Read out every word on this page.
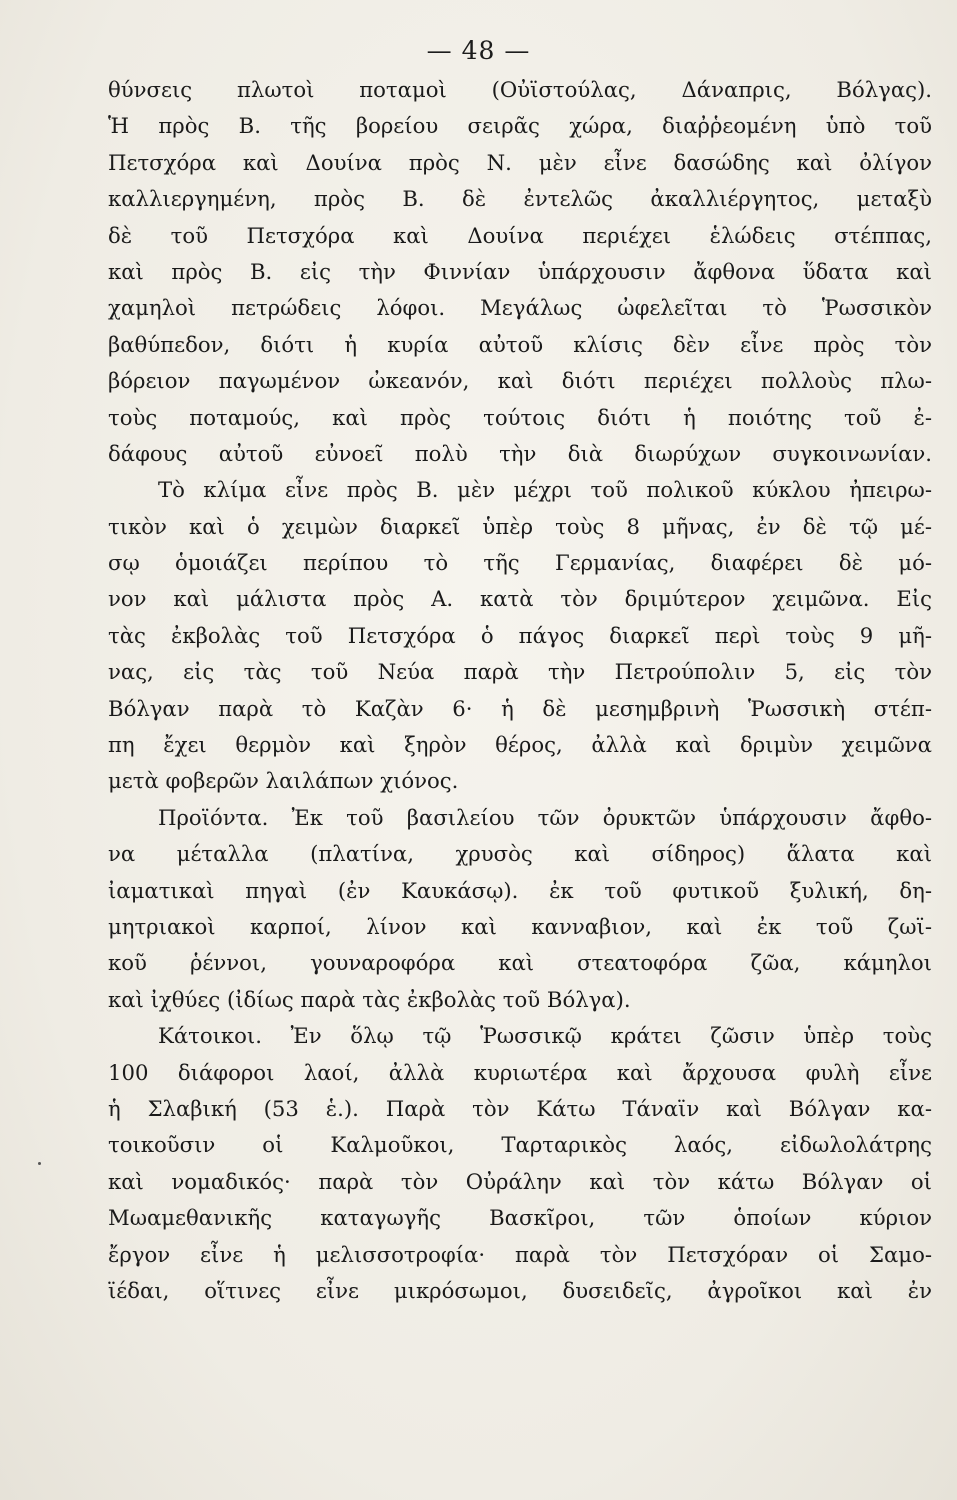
— 48 —
θύνσεις πλωτοὶ ποταμοὶ (Οὐϊστούλας, Δάναπρις, Βόλγας).
Ἡ πρὸς Β. τῆς βορείου σειρᾶς χώρα, διαῤῥεομένη ὑπὸ τοῦ
Πετσχόρα καὶ Δουίνα πρὸς Ν. μὲν εἶνε δασώδης καὶ ὀλίγον
καλλιεργημένη, πρὸς Β. δὲ ἐντελῶς ἀκαλλιέργητος, μεταξὺ
δὲ τοῦ Πετσχόρα καὶ Δουίνα περιέχει ἑλώδεις στέππας,
καὶ πρὸς Β. εἰς τὴν Φιννίαν ὑπάρχουσιν ἄφθονα ὕδατα καὶ
χαμηλοὶ πετρώδεις λόφοι. Μεγάλως ὠφελεῖται τὸ Ῥωσσικὸν
βαθύπεδον, διότι ἡ κυρία αὐτοῦ κλίσις δὲν εἶνε πρὸς τὸν
βόρειον παγωμένον ὠκεανόν, καὶ διότι περιέχει πολλοὺς πλω-
τοὺς ποταμούς, καὶ πρὸς τούτοις διότι ἡ ποιότης τοῦ ἐ-
δάφους αὐτοῦ εὐνοεῖ πολὺ τὴν διὰ διωρύχων συγκοινωνίαν.
Τὸ κλίμα εἶνε πρὸς Β. μὲν μέχρι τοῦ πολικοῦ κύκλου ἠπειρω-
τικὸν καὶ ὁ χειμὼν διαρκεῖ ὑπὲρ τοὺς 8 μῆνας, ἐν δὲ τῷ μέ-
σῳ ὁμοιάζει περίπου τὸ τῆς Γερμανίας, διαφέρει δὲ μό-
νον καὶ μάλιστα πρὸς Α. κατὰ τὸν δριμύτερον χειμῶνα. Εἰς
τὰς ἐκβολὰς τοῦ Πετσχόρα ὁ πάγος διαρκεῖ περὶ τοὺς 9 μῆ-
νας, εἰς τὰς τοῦ Νεύα παρὰ τὴν Πετρούπολιν 5, εἰς τὸν
Βόλγαν παρὰ τὸ Καζὰν 6· ἡ δὲ μεσημβρινὴ Ῥωσσικὴ στέπ-
πη ἔχει θερμὸν καὶ ξηρὸν θέρος, ἀλλὰ καὶ δριμὺν χειμῶνα
μετὰ φοβερῶν λαιλάπων χιόνος.
Προϊόντα. Ἐκ τοῦ βασιλείου τῶν ὀρυκτῶν ὑπάρχουσιν ἄφθο-
να μέταλλα (πλατίνα, χρυσὸς καὶ σίδηρος) ἅλατα καὶ
ἰαματικαὶ πηγαὶ (ἐν Καυκάσῳ). ἐκ τοῦ φυτικοῦ ξυλική, δη-
μητριακοὶ καρποί, λίνον καὶ κανναβιον, καὶ ἐκ τοῦ ζωϊ-
κοῦ ῥέννοι, γουναροφόρα καὶ στεατοφόρα ζῶα, κάμηλοι
καὶ ἰχθύες (ἰδίως παρὰ τὰς ἐκβολὰς τοῦ Βόλγα).
Κάτοικοι. Ἐν ὅλῳ τῷ Ῥωσσικῷ κράτει ζῶσιν ὑπὲρ τοὺς
100 διάφοροι λαοί, ἀλλὰ κυριωτέρα καὶ ἄρχουσα φυλὴ εἶνε
ἡ Σλαβική (53 ἑ.). Παρὰ τὸν Κάτω Τάναϊν καὶ Βόλγαν κα-
τοικοῦσιν οἱ Καλμοῦκοι, Ταρταρικὸς λαός, εἰδωλολάτρης
καὶ νομαδικός· παρὰ τὸν Οὐράλην καὶ τὸν κάτω Βόλγαν οἱ
Μωαμεθανικῆς καταγωγῆς Βασκῖροι, τῶν ὁποίων κύριον
ἔργον εἶνε ἡ μελισσοτροφία· παρὰ τὸν Πετσχόραν οἱ Σαμο-
ϊέδαι, οἵτινες εἶνε μικρόσωμοι, δυσειδεῖς, ἀγροῖκοι καὶ ἐν
